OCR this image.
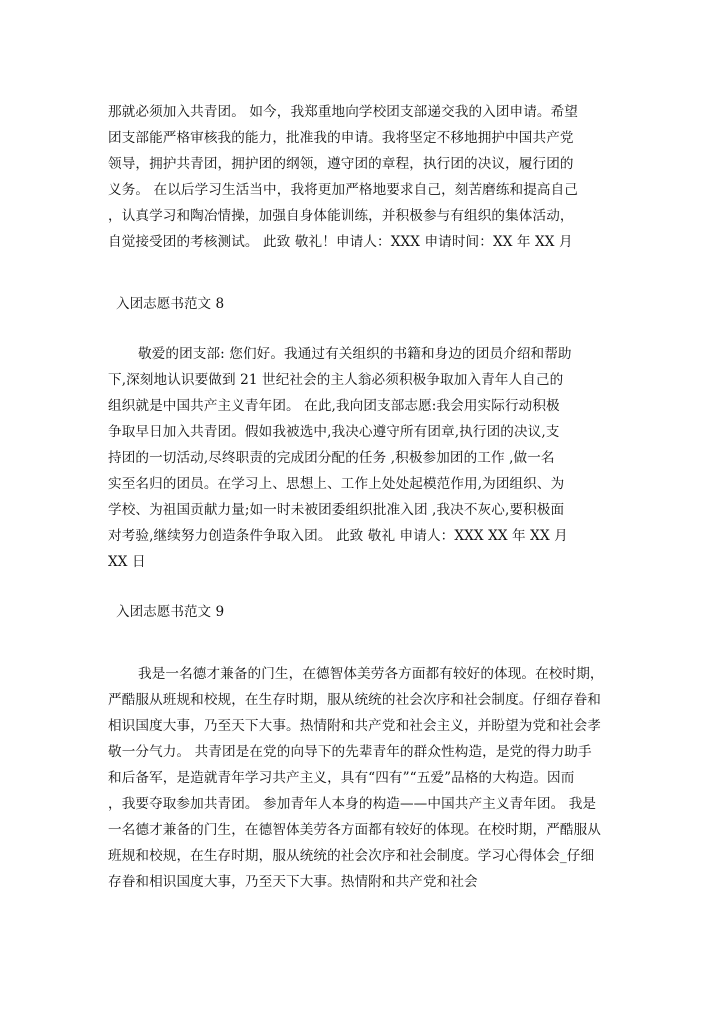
那就必须加入共青团。 如今，我郑重地向学校团支部递交我的入团申请。希望
团支部能严格审核我的能力，批准我的申请。我将坚定不移地拥护中国共产党
领导，拥护共青团，拥护团的纲领，遵守团的章程，执行团的决议，履行团的
义务。 在以后学习生活当中，我将更加严格地要求自己，刻苦磨练和提高自己
，认真学习和陶冶情操，加强自身体能训练，并积极参与有组织的集体活动，
自觉接受团的考核测试。 此致 敬礼！申请人：XXX 申请时间：XX 年 XX 月
入团志愿书范文 8
敬爱的团支部: 您们好。我通过有关组织的书籍和身边的团员介绍和帮助
下,深刻地认识要做到 21 世纪社会的主人翁必须积极争取加入青年人自己的
组织就是中国共产主义青年团。 在此,我向团支部志愿:我会用实际行动积极
争取早日加入共青团。假如我被选中,我决心遵守所有团章,执行团的决议,支
持团的一切活动,尽终职责的完成团分配的任务 ,积极参加团的工作 ,做一名
实至名归的团员。在学习上、思想上、工作上处处起模范作用,为团组织、为
学校、为祖国贡献力量;如一时未被团委组织批准入团 ,我决不灰心,要积极面
对考验,继续努力创造条件争取入团。 此致 敬礼 申请人：XXX XX 年 XX 月
XX 日
入团志愿书范文 9
我是一名德才兼备的门生，在德智体美劳各方面都有较好的体现。在校时期，
严酷服从班规和校规，在生存时期，服从统统的社会次序和社会制度。仔细存眷和
相识国度大事，乃至天下大事。热情附和共产党和社会主义，并盼望为党和社会孝
敬一分气力。 共青团是在党的向导下的先辈青年的群众性构造，是党的得力助手
和后备军，是造就青年学习共产主义，具有“四有”“五爱”品格的大构造。因而
，我要夺取参加共青团。 参加青年人本身的构造——中国共产主义青年团。 我是
一名德才兼备的门生，在德智体美劳各方面都有较好的体现。在校时期，严酷服从
班规和校规，在生存时期，服从统统的社会次序和社会制度。学习心得体会_仔细
存眷和相识国度大事，乃至天下大事。热情附和共产党和社会
